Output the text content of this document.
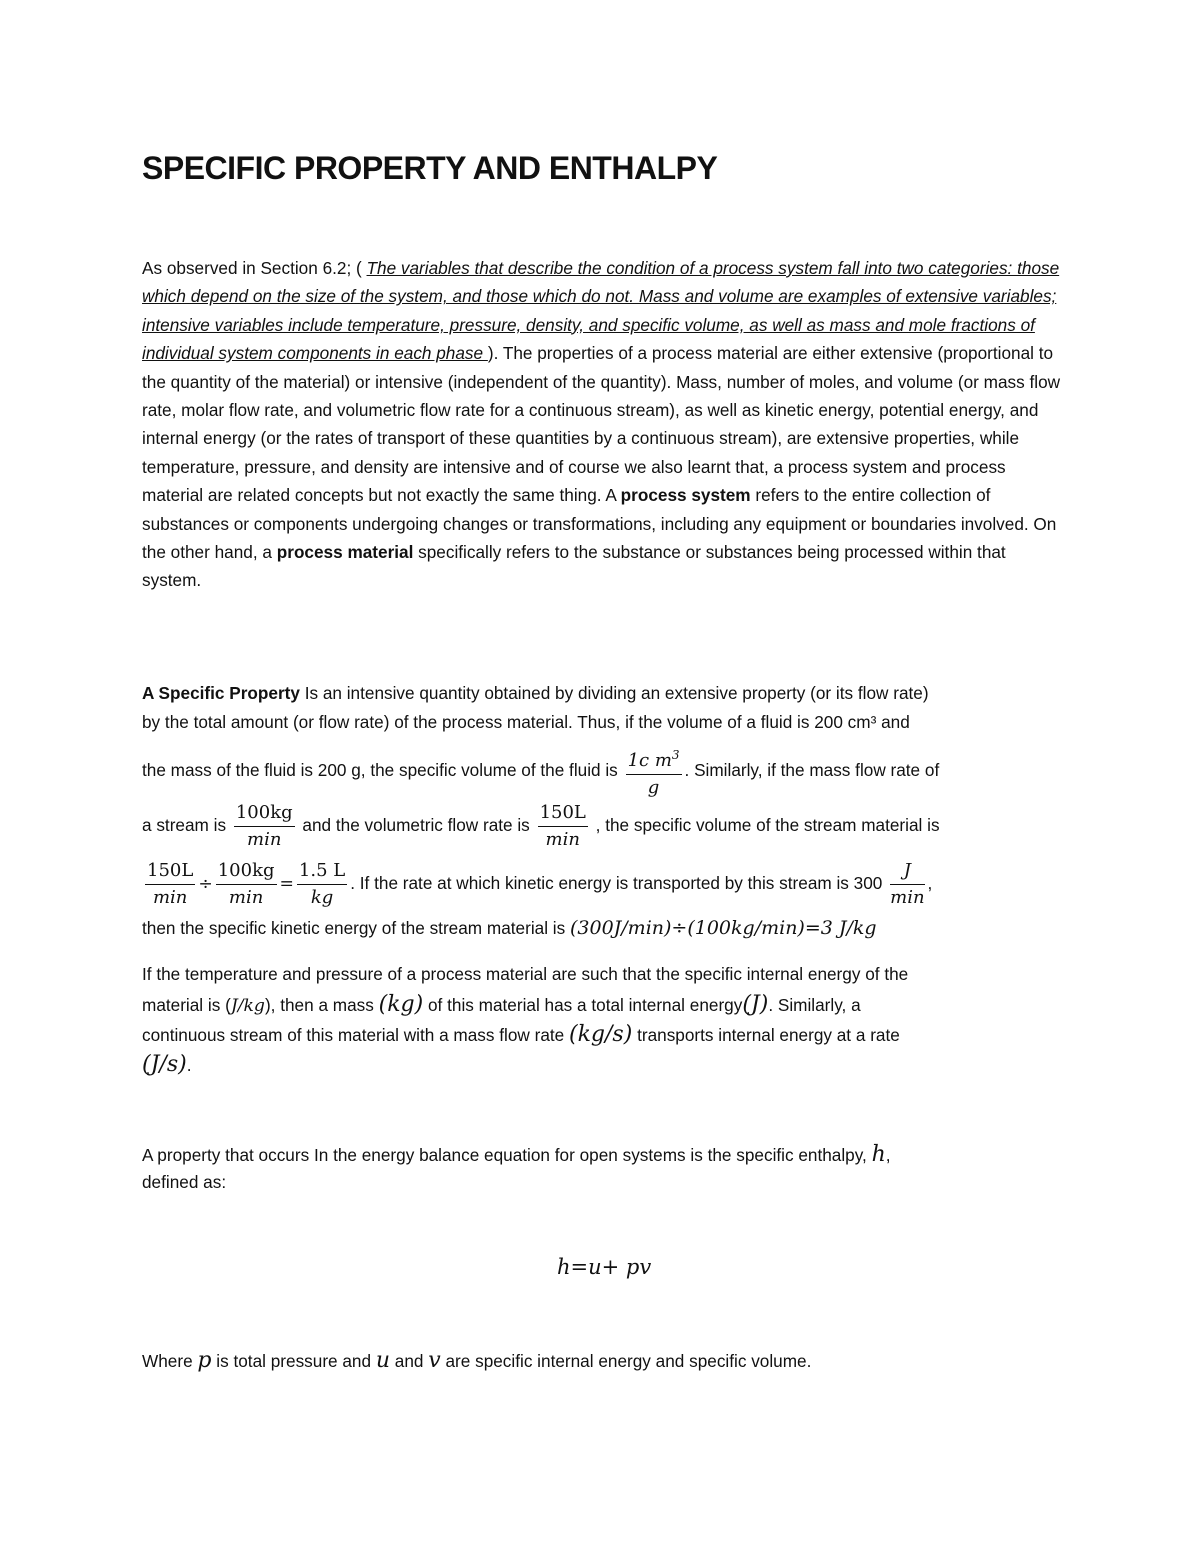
SPECIFIC PROPERTY AND ENTHALPY

As observed in Section 6.2; ( The variables that describe the condition of a process system fall into two categories: those which depend on the size of the system, and those which do not. Mass and volume are examples of extensive variables; intensive variables include temperature, pressure, density, and specific volume, as well as mass and mole fractions of individual system components in each phase ). The properties of a process material are either extensive (proportional to the quantity of the material) or intensive (independent of the quantity). Mass, number of moles, and volume (or mass flow rate, molar flow rate, and volumetric flow rate for a continuous stream), as well as kinetic energy, potential energy, and internal energy (or the rates of transport of these quantities by a continuous stream), are extensive properties, while temperature, pressure, and density are intensive and of course we also learnt that, a process system and process material are related concepts but not exactly the same thing. A process system refers to the entire collection of substances or components undergoing changes or transformations, including any equipment or boundaries involved. On the other hand, a process material specifically refers to the substance or substances being processed within that system.

A Specific Property Is an intensive quantity obtained by dividing an extensive property (or its flow rate)
by the total amount (or flow rate) of the process material. Thus, if the volume of a fluid is 200 cm³ and
the mass of the fluid is 200 g, the specific volume of the fluid is $\frac{1c m^3}{g}$ . Similarly, if the mass flow rate of
a stream is $\frac{100kg}{\min}$ and the volumetric flow rate is $\frac{150L}{\min}$ , the specific volume of the stream material is
$\frac{150L}{\min} \div \frac{100kg}{\min} = \frac{1.5 L}{kg}$ . If the rate at which kinetic energy is transported by this stream is $300 \frac{J}{\min}$ ,
then the specific kinetic energy of the stream material is (300J/min)÷(100kg/min)=3 J/kg
If the temperature and pressure of a process material are such that the specific internal energy of the
material is (J/kg), then a mass (kg) of this material has a total internal energy(J). Similarly, a
continuous stream of this material with a mass flow rate (kg/s) transports internal energy at a rate
(J/s).
A property that occurs In the energy balance equation for open systems is the specific enthalpy, h,
defined as:
h=u+ pv
Where p is total pressure and u and v are specific internal energy and specific volume.
